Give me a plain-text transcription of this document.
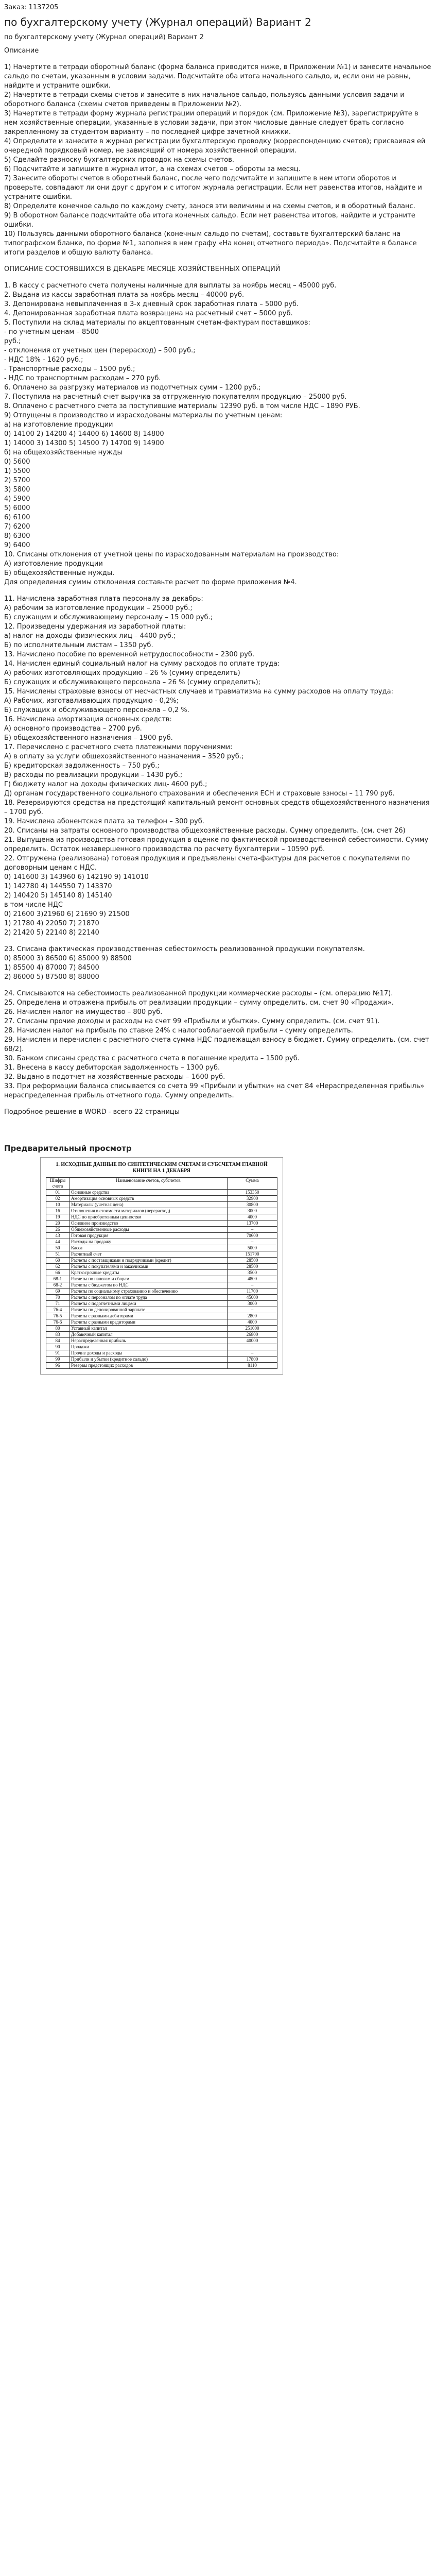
Заказ: 1137205
по бухгалтерскому учету (Журнал операций) Вариант 2
по бухгалтерскому учету (Журнал операций) Вариант 2
Описание
1) Начертите в тетради оборотный баланс (форма баланса приводится ниже, в Приложении №1) и занесите начальное сальдо по счетам, указанным в условии задачи. Подсчитайте оба итога начального сальдо, и, если они не равны, найдите и устраните ошибки.
2) Начертите в тетради схемы счетов и занесите в них начальное сальдо, пользуясь данными условия задачи и оборотного баланса (схемы счетов приведены в Приложении №2).
3) Начертите в тетради форму журнала регистрации операций и порядок (см. Приложение №3), зарегистрируйте в нем хозяйственные операции, указанные в условии задачи, при этом числовые данные следует брать согласно закрепленному за студентом варианту – по последней цифре зачетной книжки.
4) Определите и занесите в журнал регистрации бухгалтерскую проводку (корреспонденцию счетов); присваивая ей очередной порядковый номер, не зависящий от номера хозяйственной операции.
5) Сделайте разноску бухгалтерских проводок на схемы счетов.
6) Подсчитайте и запишите в журнал итог, а на схемах счетов – обороты за месяц.
7) Занесите обороты счетов в оборотный баланс, после чего подсчитайте и запишите в нем итоги оборотов и проверьте, совпадают ли они друг с другом и с итогом журнала регистрации. Если нет равенства итогов, найдите и устраните ошибки.
8) Определите конечное сальдо по каждому счету, занося эти величины и на схемы счетов, и в оборотный баланс.
9) В оборотном балансе подсчитайте оба итога конечных сальдо. Если нет равенства итогов, найдите и устраните ошибки.
10) Пользуясь данными оборотного баланса (конечным сальдо по счетам), составьте бухгалтерский баланс на типографском бланке, по форме №1, заполняя в нем графу «На конец отчетного периода». Подсчитайте в балансе итоги разделов и общую валюту баланса.
ОПИСАНИЕ СОСТОЯВШИХСЯ В ДЕКАБРЕ МЕСЯЦЕ ХОЗЯЙСТВЕННЫХ ОПЕРАЦИЙ
1. В кассу с расчетного счета получены наличные для выплаты за ноябрь месяц – 45000 руб.
2. Выдана из кассы заработная плата за ноябрь месяц – 40000 руб.
3. Депонирована невыплаченная в 3-х дневный срок заработная плата – 5000 руб.
4. Депонированная заработная плата возвращена на расчетный счет – 5000 руб.
5. Поступили на склад материалы по акцептованным счетам-фактурам поставщиков:
- по учетным ценам – 8500
руб.;
- отклонения от учетных цен (перерасход) – 500 руб.;
- НДС 18% - 1620 руб.;
- Транспортные расходы – 1500 руб.;
- НДС по транспортным расходам – 270 руб.
6. Оплачено за разгрузку материалов из подотчетных сумм – 1200 руб.;
7. Поступила на расчетный счет выручка за отгруженную покупателям продукцию – 25000 руб.
8. Оплачено с расчетного счета за поступившие материалы 12390 руб. в том числе НДС – 1890 РУБ.
9) Отпущены в производство и израсходованы материалы по учетным ценам:
а) на изготовление продукции
0) 14100 2) 14200 4) 14400 6) 14600 8) 14800
1) 14000 3) 14300 5) 14500 7) 14700 9) 14900
б) на общехозяйственные нужды
0) 5600
1) 5500
2) 5700
3) 5800
4) 5900
5) 6000
6) 6100
7) 6200
8) 6300
9) 6400
10. Списаны отклонения от учетной цены по израсходованным материалам на производство:
А) изготовление продукции
Б) общехозяйственные нужды.
Для определения суммы отклонения составьте расчет по форме приложения №4.
11. Начислена заработная плата персоналу за декабрь:
А) рабочим за изготовление продукции – 25000 руб.;
Б) служащим и обслуживающему персоналу – 15 000 руб.;
12. Произведены удержания из заработной платы:
а) налог на доходы физических лиц – 4400 руб.;
Б) по исполнительным листам – 1350 руб.
13. Начислено пособие по временной нетрудоспособности – 2300 руб.
14. Начислен единый социальный налог на сумму расходов по оплате труда:
А) рабочих изготовляющих продукцию – 26 % (сумму определить)
Б) служащих и обслуживающего персонала – 26 % (сумму определить);
15. Начислены страховые взносы от несчастных случаев и травматизма на сумму расходов на оплату труда:
А) Рабочих, изготавливающих продукцию - 0,2%;
Б) служащих и обслуживающего персонала – 0,2 %.
16. Начислена амортизация основных средств:
А) основного производства – 2700 руб.
Б) общехозяйственного назначения – 1900 руб.
17. Перечислено с расчетного счета платежными поручениями:
А) в оплату за услуги общехозяйственного назначения – 3520 руб.;
Б) кредиторская задолженность – 750 руб.;
В) расходы по реализации продукции – 1430 руб.;
Г) бюджету налог на доходы физических лиц- 4600 руб.;
Д) органам государственного социального страхования и обеспечения ЕСН и страховые взносы – 11 790 руб.
18. Резервируются средства на предстоящий капитальный ремонт основных средств общехозяйственного назначения – 1700 руб.
19. Начислена абонентская плата за телефон – 300 руб.
20. Списаны на затраты основного производства общехозяйственные расходы. Сумму определить. (см. счет 26)
21. Выпущена из производства готовая продукция в оценке по фактической производственной себестоимости. Сумму определить. Остаток незавершенного производства по расчету бухгалтерии – 10590 руб.
22. Отгружена (реализована) готовая продукция и предъявлены счета-фактуры для расчетов с покупателями по договорным ценам с НДС.
0) 141600 3) 143960 6) 142190 9) 141010
1) 142780 4) 144550 7) 143370
2) 140420 5) 145140 8) 145140
в том числе НДС
0) 21600 3)21960 6) 21690 9) 21500
1) 21780 4) 22050 7) 21870
2) 21420 5) 22140 8) 22140
23. Списана фактическая производственная себестоимость реализованной продукции покупателям.
0) 85000 3) 86500 6) 85000 9) 88500
1) 85500 4) 87000 7) 84500
2) 86000 5) 87500 8) 88000
24. Списываются на себестоимость реализованной продукции коммерческие расходы – (см. операцию №17).
25. Определена и отражена прибыль от реализации продукции – сумму определить, см. счет 90 «Продажи».
26. Начислен налог на имущество – 800 руб.
27. Списаны прочие доходы и расходы на счет 99 «Прибыли и убытки». Сумму определить. (см. счет 91).
28. Начислен налог на прибыль по ставке 24% с налогооблагаемой прибыли – сумму определить.
29. Начислен и перечислен с расчетного счета сумма НДС подлежащая взносу в бюджет. Сумму определить. (см. счет 68/2).
30. Банком списаны средства с расчетного счета в погашение кредита – 1500 руб.
31. Внесена в кассу дебиторская задолженность – 1300 руб.
32. Выдано в подотчет на хозяйственные расходы – 1600 руб.
33. При реформации баланса списывается со счета 99 «Прибыли и убытки» на счет 84 «Нераспределенная прибыль» нераспределенная прибыль отчетного года. Сумму определить.
Подробное решение в WORD - всего 22 страницы
Предварительный просмотр
1. ИСХОДНЫЕ ДАННЫЕ ПО СИНТЕТИЧЕСКИМ СЧЕТАМ И СУБСЧЕТАМ ГЛАВНОЙ КНИГИ НА 1 ДЕКАБРЯ
Шифры счета	Наименование счетов, субсчетов	Сумма
01	Основные средства	153350
02	Амортизация основных средств	32900
10	Материалы (учетная цена)	30800
16	Отклонения в стоимости материалов (перерасход)	3000
19	НДС по приобретенным ценностям	4000
20	Основное производство	13700
26	Общехозяйственные расходы	–
43	Готовая продукция	70600
44	Расходы на продажу	–
50	Касса	5000
51	Расчетный счет	151700
60	Расчеты с поставщиками и подрядчиками (кредит)	28500
62	Расчеты с покупателями и заказчиками	28500
66	Краткосрочные кредиты	3500
68-1	Расчеты по налогам и сборам	4800
68-2	Расчеты с бюджетом по НДС	–
69	Расчеты по социальному страхованию и обеспечению	11700
70	Расчеты с персоналом по оплате труда	45000
71	Расчеты с подотчетными лицами	3000
76-4	Расчеты по депонированной зарплате	–
76-5	Расчеты с разными дебиторами	2800
76-6	Расчеты с разными кредиторами	4000
80	Уставный капитал	251000
83	Добавочный капитал	26800
84	Нераспределенная прибыль	40000
90	Продажи	–
91	Прочие доходы и расходы	–
99	Прибыли и убытки (кредитное сальдо)	17800
96	Резервы предстоящих расходов	8110
